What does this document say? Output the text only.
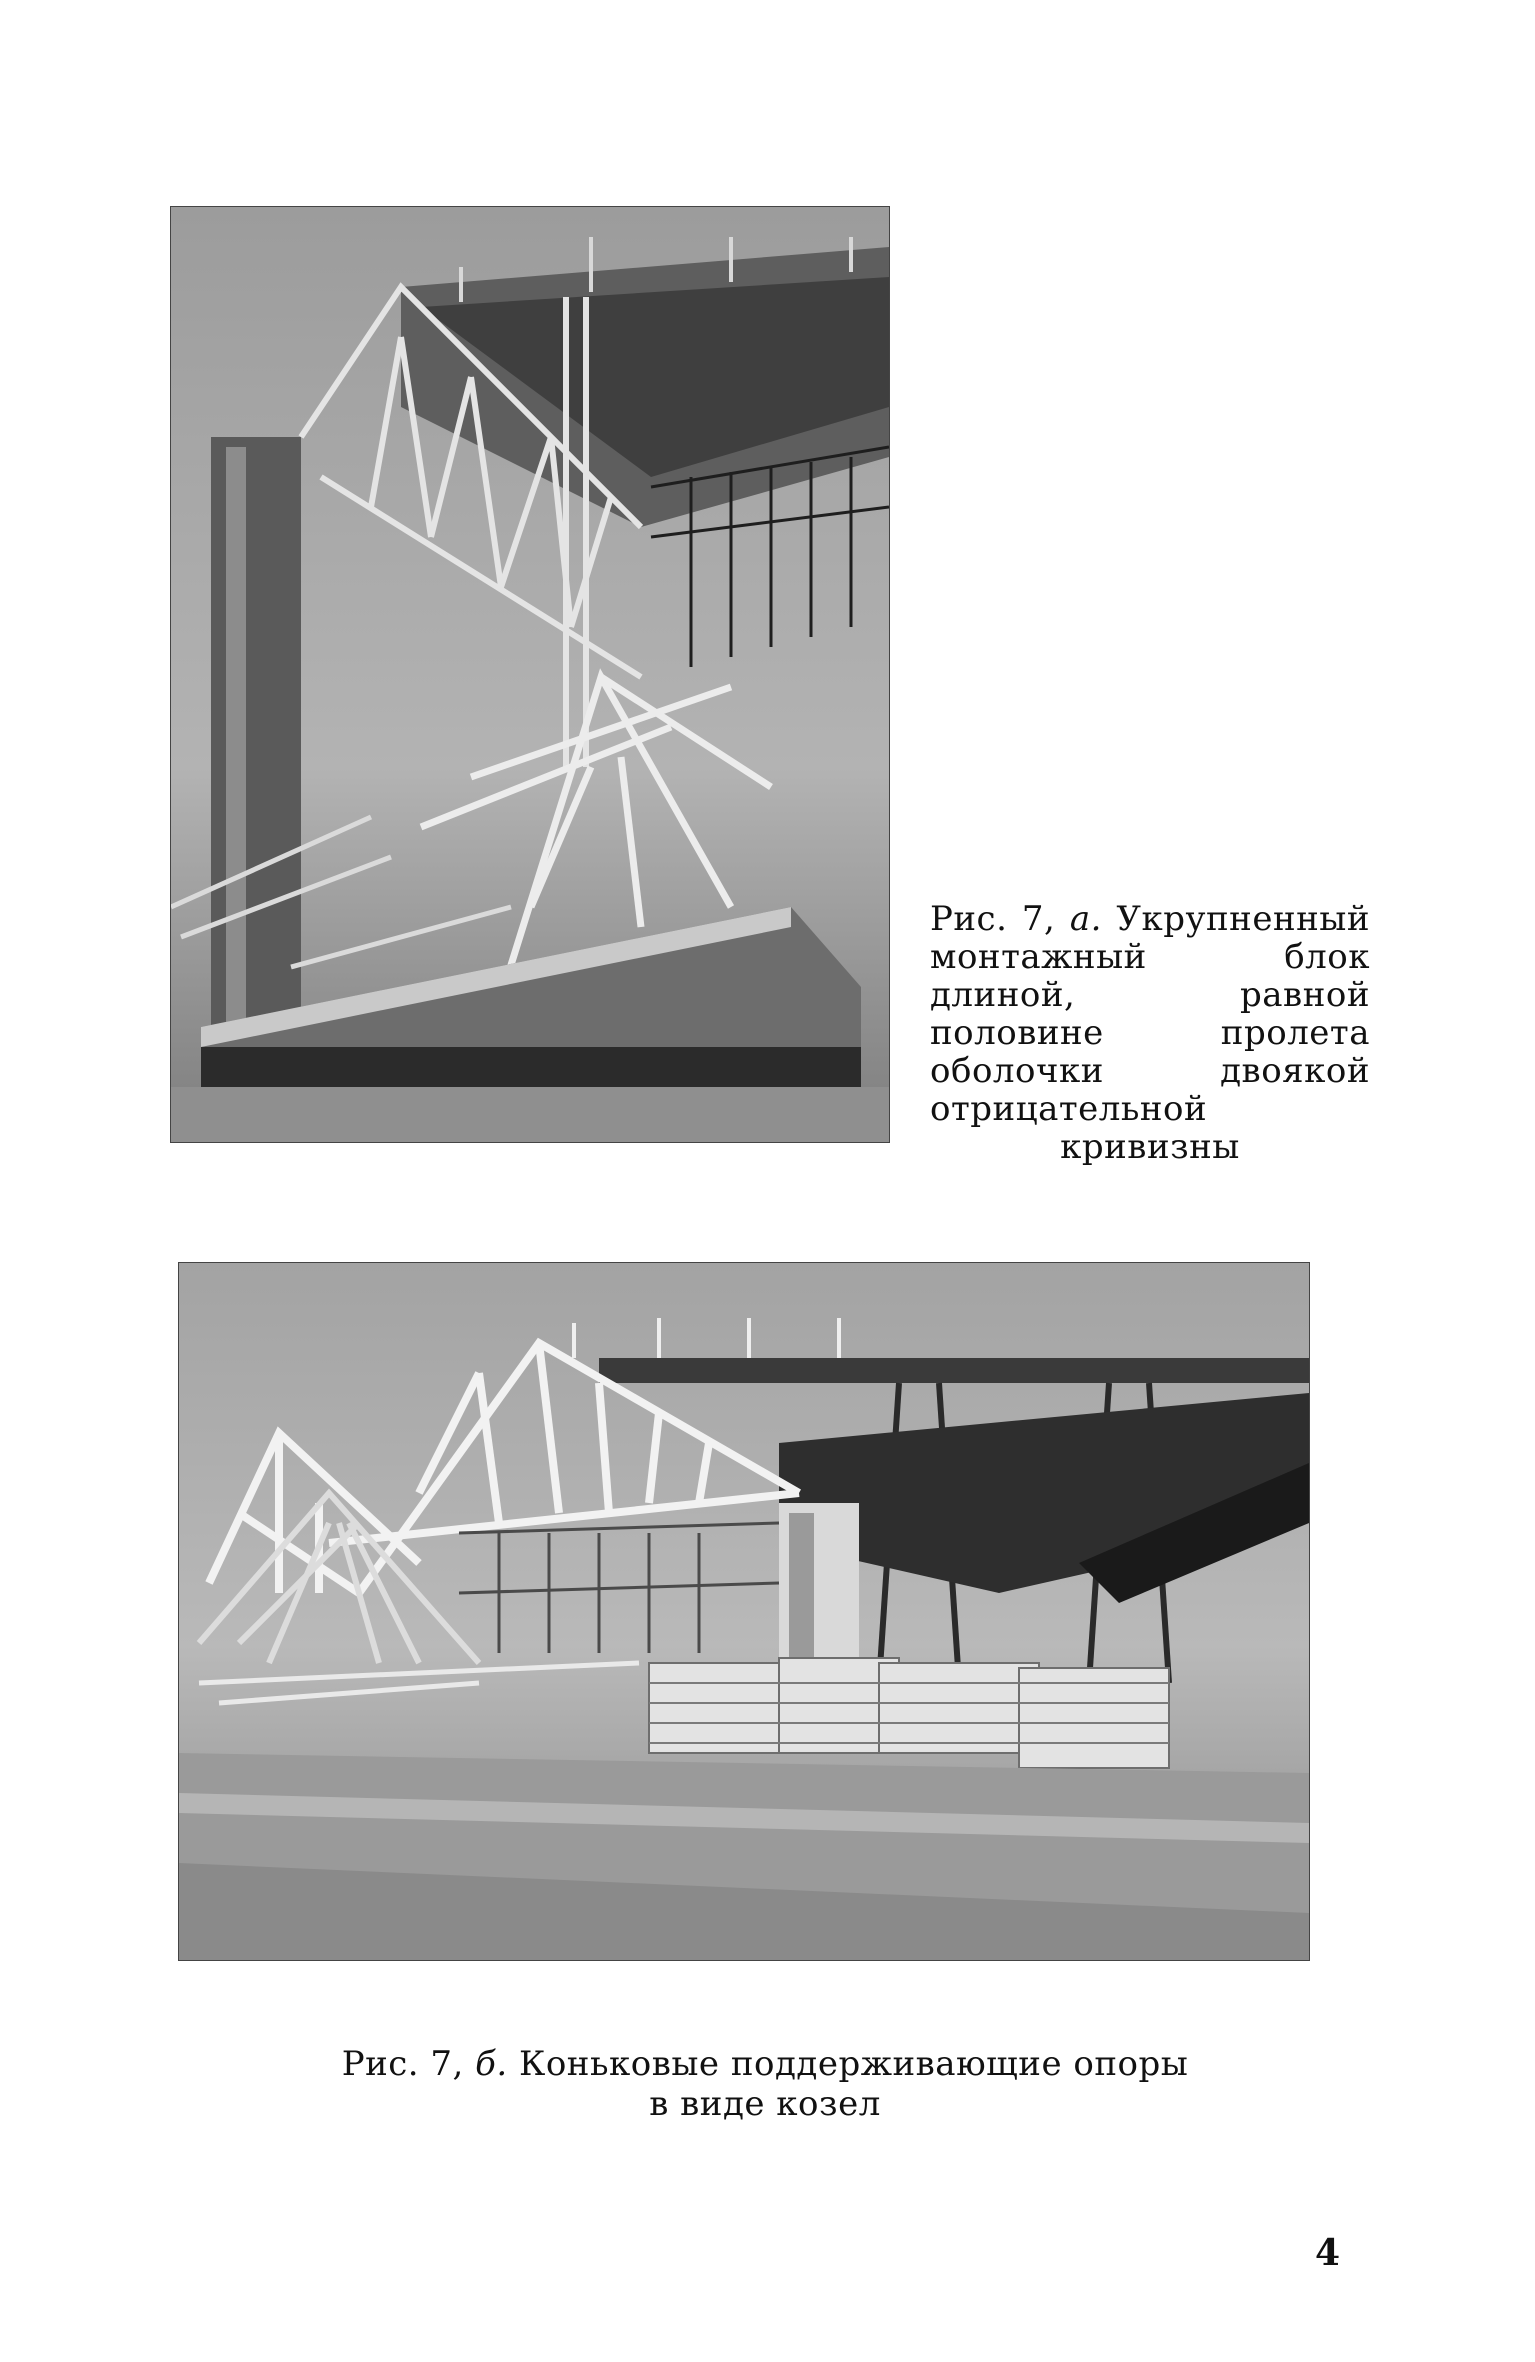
Рис. 7, а. Укрупненный монтажный блок длиной, равной половине пролета оболочки двоякой отрицательной
кривизны
Рис. 7, б. Коньковые поддерживающие опоры
в виде козел
4
